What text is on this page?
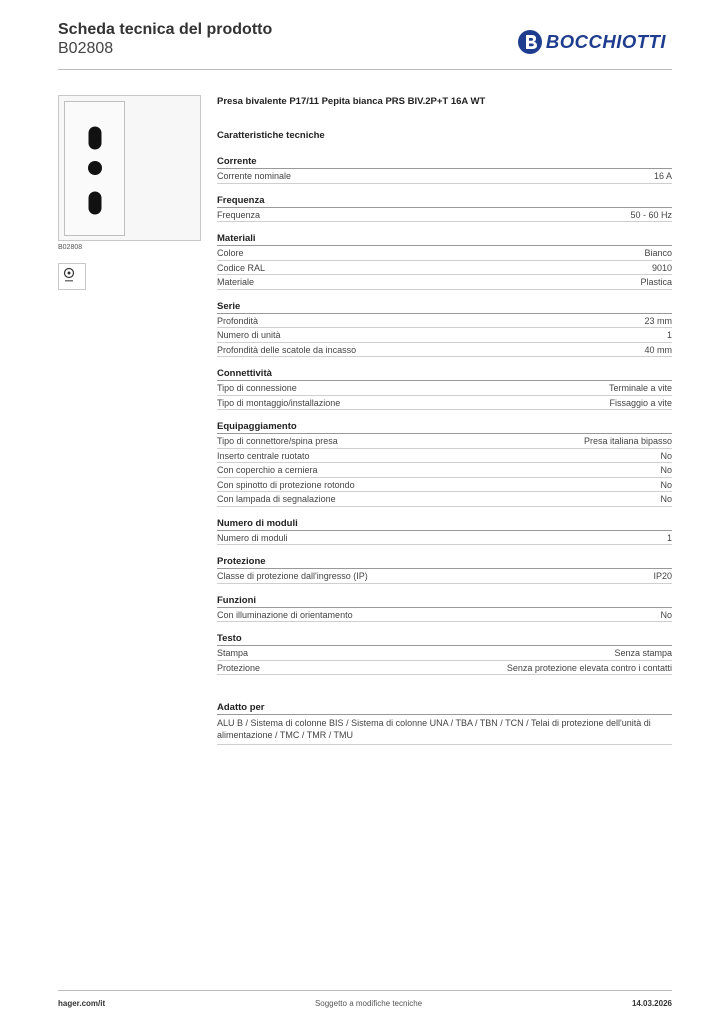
Scheda tecnica del prodotto
B02808	BOCCHIOTTI
B02808
Presa bivalente P17/11 Pepita bianca PRS BIV.2P+T 16A WT
Caratteristiche tecniche
Corrente
Corrente nominale	16 A
Frequenza
Frequenza	50 - 60 Hz
Materiali
Colore	Bianco
Codice RAL	9010
Materiale	Plastica
Serie
Profondità	23 mm
Numero di unità	1
Profondità delle scatole da incasso	40 mm
Connettività
Tipo di connessione	Terminale a vite
Tipo di montaggio/installazione	Fissaggio a vite
Equipaggiamento
Tipo di connettore/spina presa	Presa italiana bipasso
Inserto centrale ruotato	No
Con coperchio a cerniera	No
Con spinotto di protezione rotondo	No
Con lampada di segnalazione	No
Numero di moduli
Numero di moduli	1
Protezione
Classe di protezione dall'ingresso (IP)	IP20
Funzioni
Con illuminazione di orientamento	No
Testo
Stampa	Senza stampa
Protezione	Senza protezione elevata contro i contatti
Adatto per
ALU B / Sistema di colonne BIS / Sistema di colonne UNA / TBA / TBN / TCN / Telai di protezione dell'unità di alimentazione / TMC / TMR / TMU
hager.com/it	Soggetto a modifiche tecniche	14.03.2026
